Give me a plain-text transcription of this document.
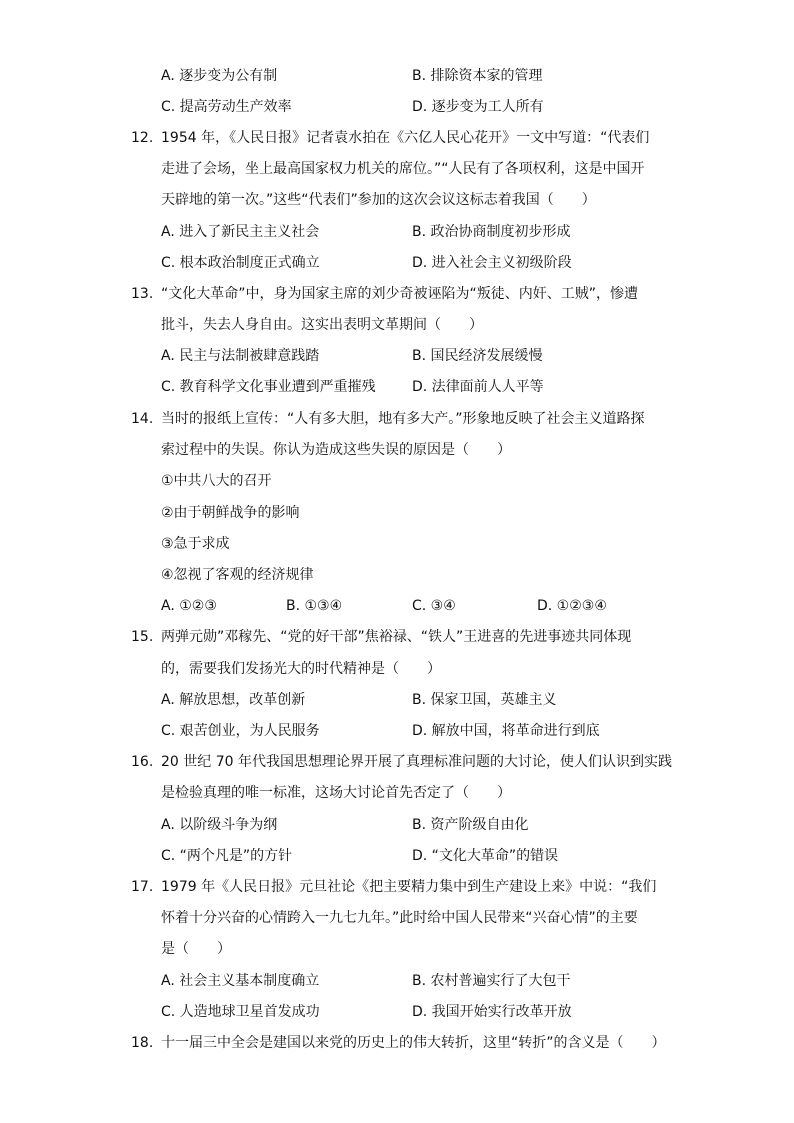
A. 逐步变为公有制	B. 排除资本家的管理
C. 提高劳动生产效率	D. 逐步变为工人所有
12. 1954 年，《人民日报》记者袁水拍在《六亿人民心花开》一文中写道：“代表们
走进了会场，坐上最高国家权力机关的席位。”“人民有了各项权利，这是中国开
天辟地的第一次。”这些“代表们”参加的这次会议这标志着我国（　　）
A. 进入了新民主主义社会	B. 政治协商制度初步形成
C. 根本政治制度正式确立	D. 进入社会主义初级阶段
13. “文化大革命”中，身为国家主席的刘少奇被诬陷为“叛徒、内奸、工贼”，惨遭
批斗，失去人身自由。这实出表明文革期间（　　）
A. 民主与法制被肆意践踏	B. 国民经济发展缓慢
C. 教育科学文化事业遭到严重摧残	D. 法律面前人人平等
14. 当时的报纸上宣传：“人有多大胆，地有多大产。”形象地反映了社会主义道路探
索过程中的失误。你认为造成这些失误的原因是（　　）
①中共八大的召开
②由于朝鲜战争的影响
③急于求成
④忽视了客观的经济规律
A. ①②③	B. ①③④	C. ③④	D. ①②③④
15. 两弹元勋”邓稼先、“党的好干部”焦裕禄、“铁人”王进喜的先进事迹共同体现
的，需要我们发扬光大的时代精神是（　　）
A. 解放思想，改革创新	B. 保家卫国，英雄主义
C. 艰苦创业，为人民服务	D. 解放中国，将革命进行到底
16. 20 世纪 70 年代我国思想理论界开展了真理标准问题的大讨论，使人们认识到实践
是检验真理的唯一标准，这场大讨论首先否定了（　　）
A. 以阶级斗争为纲	B. 资产阶级自由化
C. “两个凡是”的方针	D. “文化大革命”的错误
17. 1979 年《人民日报》元旦社论《把主要精力集中到生产建设上来》中说：“我们
怀着十分兴奋的心情跨入一九七九年。”此时给中国人民带来“兴奋心情”的主要
是（　　）
A. 社会主义基本制度确立	B. 农村普遍实行了大包干
C. 人造地球卫星首发成功	D. 我国开始实行改革开放
18. 十一届三中全会是建国以来党的历史上的伟大转折，这里“转折”的含义是（　　）
